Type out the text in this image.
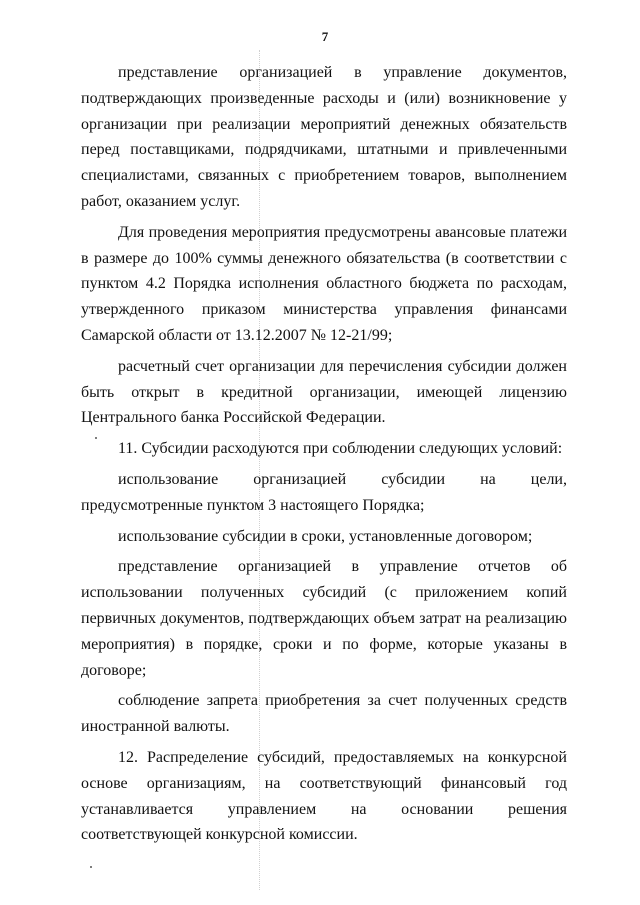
7

представление организацией в управление документов, подтверждающих произведенные расходы и (или) возникновение у организации при реализации мероприятий денежных обязательств перед поставщиками, подрядчиками, штатными и привлеченными специалистами, связанных с приобретением товаров, выполнением работ, оказанием услуг.

Для проведения мероприятия предусмотрены авансовые платежи в размере до 100% суммы денежного обязательства (в соответствии с пунктом 4.2 Порядка исполнения областного бюджета по расходам, утвержденного приказом министерства управления финансами Самарской области от 13.12.2007 № 12-21/99;

расчетный счет организации для перечисления субсидии должен быть открыт в кредитной организации, имеющей лицензию Центрального банка Российской Федерации.

11. Субсидии расходуются при соблюдении следующих условий:

использование организацией субсидии на цели, предусмотренные пунктом 3 настоящего Порядка;

использование субсидии в сроки, установленные договором;

представление организацией в управление отчетов об использовании полученных субсидий (с приложением копий первичных документов, подтверждающих объем затрат на реализацию мероприятия) в порядке, сроки и по форме, которые указаны в договоре;

соблюдение запрета приобретения за счет полученных средств иностранной валюты.

12. Распределение субсидий, предоставляемых на конкурсной основе организациям, на соответствующий финансовый год устанавливается управлением на основании решения соответствующей конкурсной комиссии.
